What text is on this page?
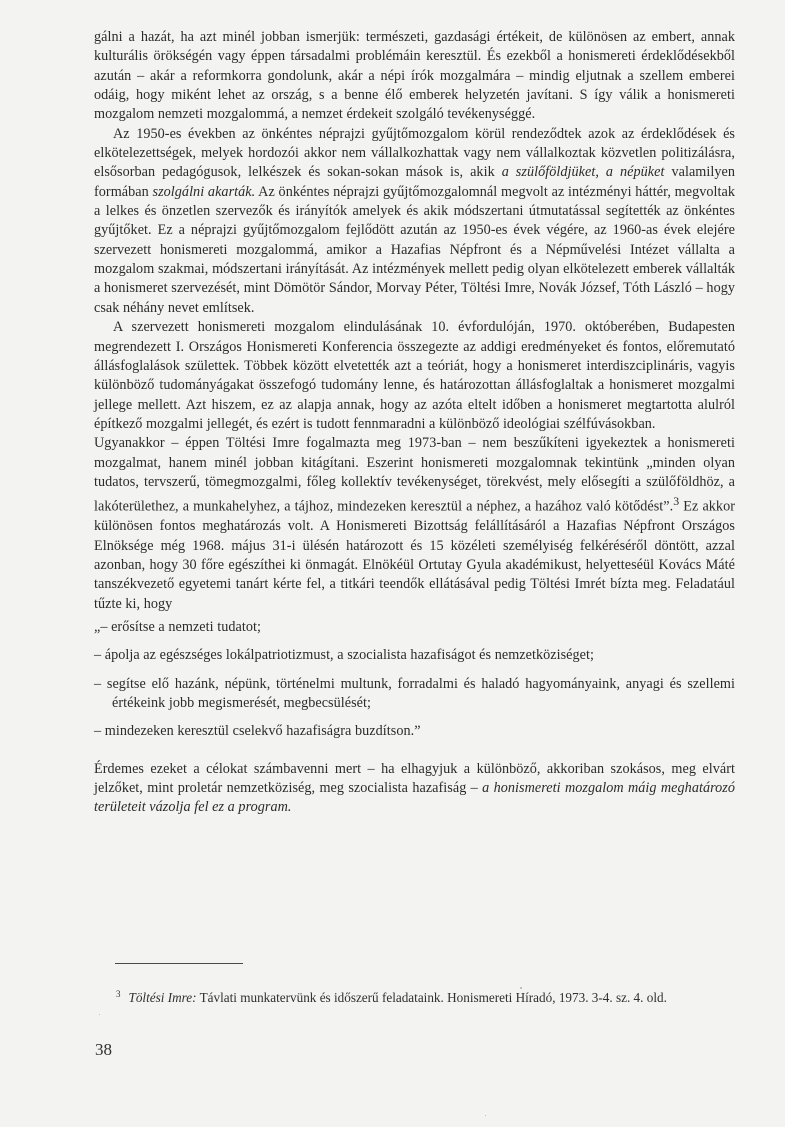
gálni a hazát, ha azt minél jobban ismerjük: természeti, gazdasági értékeit, de különösen az embert, annak kulturális örökségén vagy éppen társadalmi problémáin keresztül. És ezekből a honismereti érdeklődésekből azután – akár a reformkorra gondolunk, akár a népi írók mozgalmára – mindig eljutnak a szellem emberei odáig, hogy miként lehet az ország, s a benne élő emberek helyzetén javítani. S így válik a honismereti mozgalom nemzeti mozgalommá, a nemzet érdekeit szolgáló tevékenységgé.

Az 1950-es években az önkéntes néprajzi gyűjtőmozgalom körül rendeződtek azok az érdeklődések és elkötelezettségek, melyek hordozói akkor nem vállalkozhattak vagy nem vállalkoztak közvetlen politizálásra, elsősorban pedagógusok, lelkészek és sokan-sokan mások is, akik a szülőföldjüket, a népüket valamilyen formában szolgálni akarták. Az önkéntes néprajzi gyűjtőmozgalomnál megvolt az intézményi háttér, megvoltak a lelkes és önzetlen szervezők és irányítók amelyek és akik módszertani útmutatással segítették az önkéntes gyűjtőket. Ez a néprajzi gyűjtőmozgalom fejlődött azután az 1950-es évek végére, az 1960-as évek elejére szervezett honismereti mozgalommá, amikor a Hazafias Népfront és a Népművelési Intézet vállalta a mozgalom szakmai, módszertani irányítását. Az intézmények mellett pedig olyan elkötelezett emberek vállalták a honismeret szervezését, mint Dömötör Sándor, Morvay Péter, Töltési Imre, Novák József, Tóth László – hogy csak néhány nevet említsek.

A szervezett honismereti mozgalom elindulásának 10. évfordulóján, 1970. októberében, Budapesten megrendezett I. Országos Honismereti Konferencia összegezte az addigi eredményeket és fontos, előremutató állásfoglalások születtek. Többek között elvetették azt a teóriát, hogy a honismeret interdiszciplináris, vagyis különböző tudományágakat összefogó tudomány lenne, és határozottan állásfoglaltak a honismeret mozgalmi jellege mellett. Azt hiszem, ez az alapja annak, hogy az azóta eltelt időben a honismeret megtartotta alulról építkező mozgalmi jellegét, és ezért is tudott fennmaradni a különböző ideológiai szélfúvásokban.

Ugyanakkor – éppen Töltési Imre fogalmazta meg 1973-ban – nem beszűkíteni igyekeztek a honismereti mozgalmat, hanem minél jobban kitágítani. Eszerint honismereti mozgalomnak tekintünk „minden olyan tudatos, tervszerű, tömegmozgalmi, főleg kollektív tevékenységet, törekvést, mely elősegíti a szülőföldhöz, a lakóterülethez, a munkahelyhez, a tájhoz, mindezeken keresztül a néphez, a hazához való kötődést”.$^3$ Ez akkor különösen fontos meghatározás volt. A Honismereti Bizottság felállításáról a Hazafias Népfront Országos Elnöksége még 1968. május 31-i ülésén határozott és 15 közéleti személyiség felkéréséről döntött, azzal azonban, hogy 30 főre egészíthei ki önmagát. Elnökéül Ortutay Gyula akadémikust, helyetteséül Kovács Máté tanszékvezető egyetemi tanárt kérte fel, a titkári teendők ellátásával pedig Töltési Imrét bízta meg. Feladatául tűzte ki, hogy

„– erősítse a nemzeti tudatot;
– ápolja az egészséges lokálpatriotizmust, a szocialista hazafiságot és nemzetköziséget;
– segítse elő hazánk, népünk, történelmi multunk, forradalmi és haladó hagyományaink, anyagi és szellemi értékeink jobb megismerését, megbecsülését;
– mindezeken keresztül cselekvő hazafiságra buzdítson.”

Érdemes ezeket a célokat számbavenni mert – ha elhagyjuk a különböző, akkoriban szokásos, meg elvárt jelzőket, mint proletár nemzetköziség, meg szocialista hazafiság – a honismereti mozgalom máig meghatározó területeit vázolja fel ez a program.

$^3$ Töltési Imre: Távlati munkatervünk és időszerű feladataink. Honismereti Híradó, 1973. 3-4. sz. 4. old.
38
